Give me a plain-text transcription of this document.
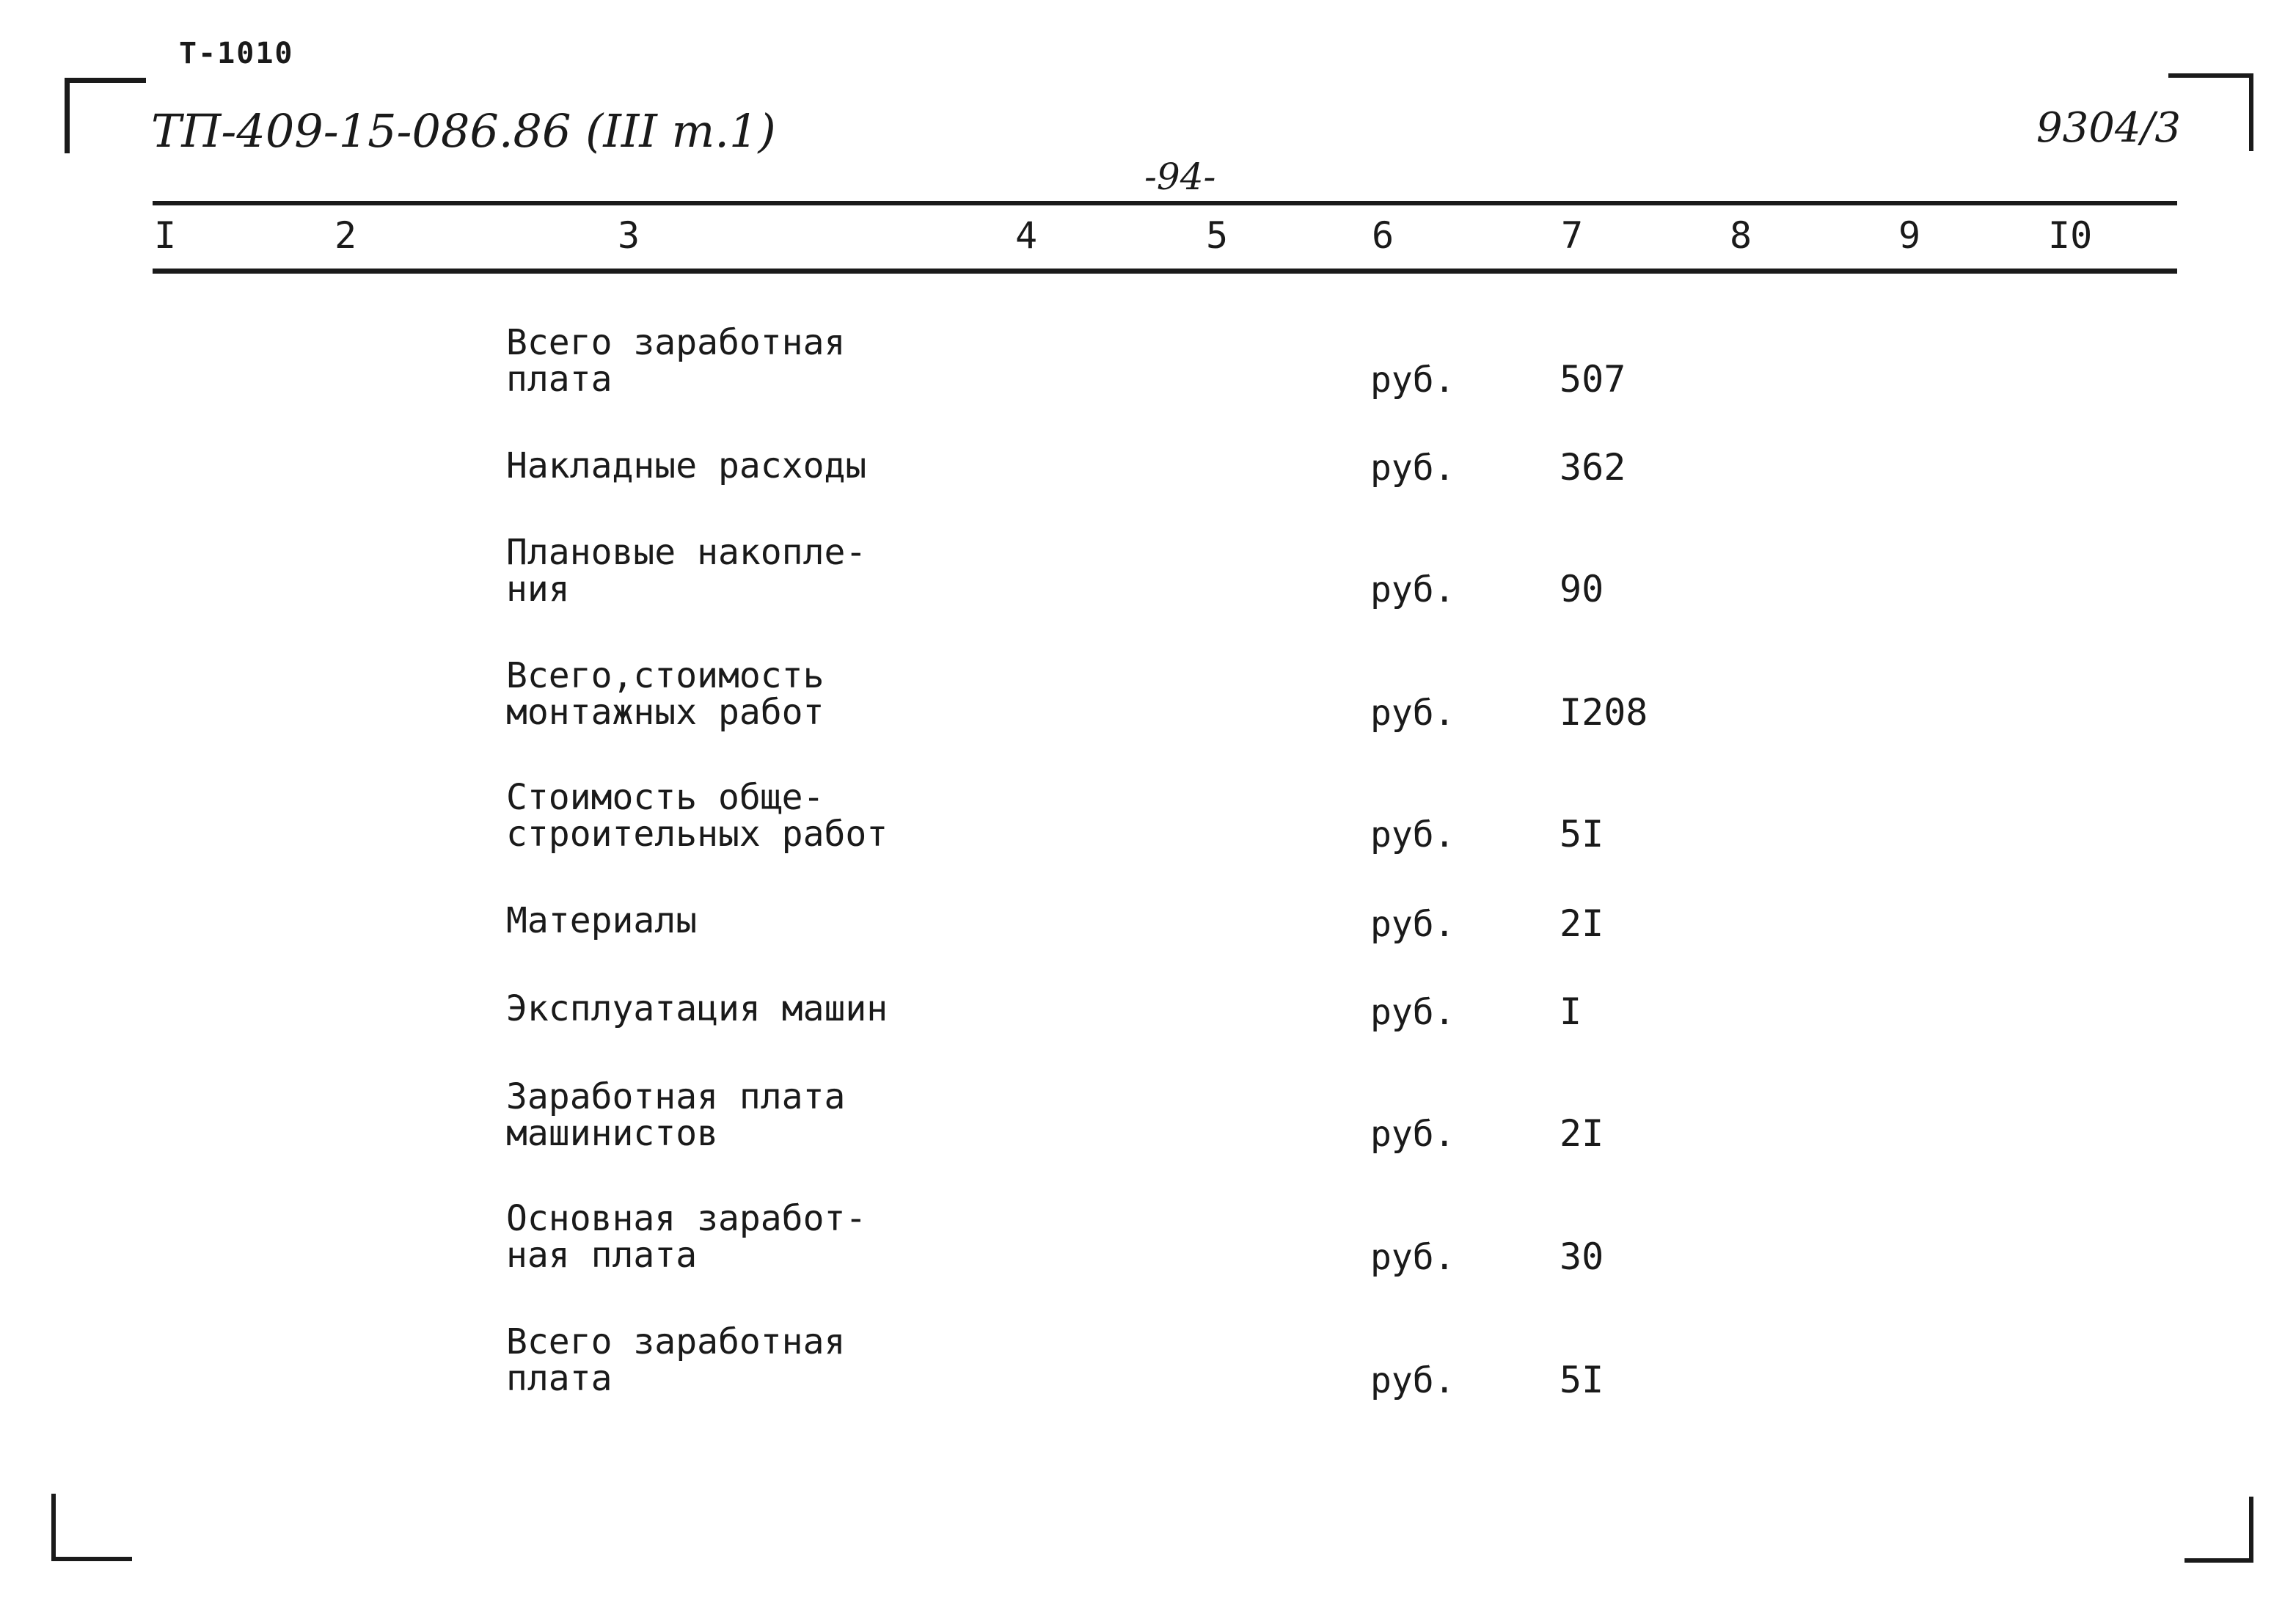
Т-1010
ТП-409-15-086.86 (III т.1)	9304/3
-94-
I	2	3	4	5	6	7	8	9	I0
Всего заработная
плата	руб.	507
Накладные расходы	руб.	362
Плановые накопле-
ния	руб.	90
Всего,стоимость
монтажных работ	руб.	I208
Стоимость обще-
строительных работ	руб.	5I
Материалы	руб.	2I
Эксплуатация машин	руб.	I
Заработная плата
машинистов	руб.	2I
Основная заработ-
ная плата	руб.	30
Всего заработная
плата	руб.	5I
